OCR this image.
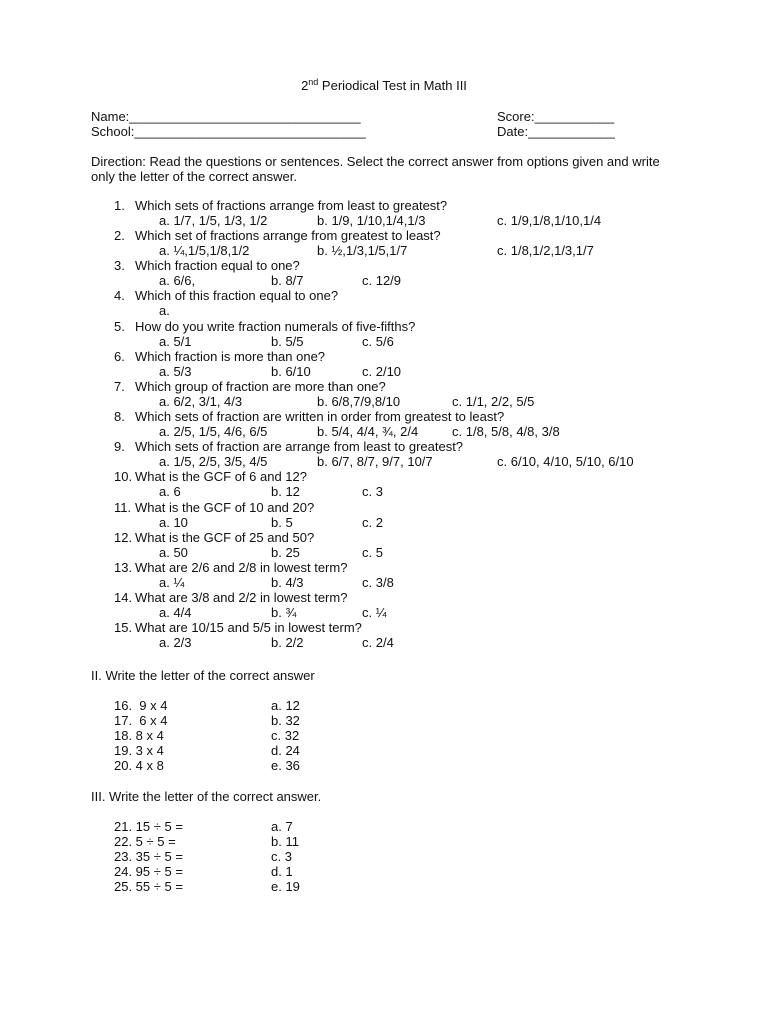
2nd Periodical Test in Math III
Name:________________________________
School:________________________________
Score:___________
Date:____________
Direction: Read the questions or sentences. Select the correct answer from options given and write only the letter of the correct answer.
1. Which sets of fractions arrange from least to greatest?
a. 1/7, 1/5, 1/3, 1/2	b. 1/9, 1/10,1/4,1/3	c. 1/9,1/8,1/10,1/4
2. Which set of fractions arrange from greatest to least?
a. ¼,1/5,1/8,1/2	b. ½,1/3,1/5,1/7	c. 1/8,1/2,1/3,1/7
3. Which fraction equal to one?
a. 6/6,	b. 8/7	c. 12/9
4. Which of this fraction equal to one?
a.
5. How do you write fraction numerals of five-fifths?
a. 5/1	b. 5/5	c. 5/6
6. Which fraction is more than one?
a. 5/3	b. 6/10	c. 2/10
7. Which group of fraction are more than one?
a. 6/2, 3/1, 4/3	b. 6/8,7/9,8/10	c. 1/1, 2/2, 5/5
8. Which sets of fraction are written in order from greatest to least?
a. 2/5, 1/5, 4/6, 6/5	b. 5/4, 4/4, ¾, 2/4	c. 1/8, 5/8, 4/8, 3/8
9. Which sets of fraction are arrange from least to greatest?
a. 1/5, 2/5, 3/5, 4/5	b. 6/7, 8/7, 9/7, 10/7	c. 6/10, 4/10, 5/10, 6/10
10. What is the GCF of 6 and 12?
a. 6	b. 12	c. 3
11. What is the GCF of 10 and 20?
a. 10	b. 5	c. 2
12. What is the GCF of 25 and 50?
a. 50	b. 25	c. 5
13. What are 2/6 and 2/8 in lowest term?
a. ¼	b. 4/3	c. 3/8
14. What are 3/8 and 2/2 in lowest term?
a. 4/4	b. ¾	c. ¼
15. What are 10/15 and 5/5 in lowest term?
a. 2/3	b. 2/2	c. 2/4
II. Write the letter of the correct answer
16.  9 x 4	a. 12
17.  6 x 4	b. 32
18. 8 x 4	c. 32
19. 3 x 4	d. 24
20. 4 x 8	e. 36
III. Write the letter of the correct answer.
21. 15 ÷ 5 =	a. 7
22. 5 ÷ 5 =	b. 11
23. 35 ÷ 5 =	c. 3
24. 95 ÷ 5 =	d. 1
25. 55 ÷ 5 =	e. 19
